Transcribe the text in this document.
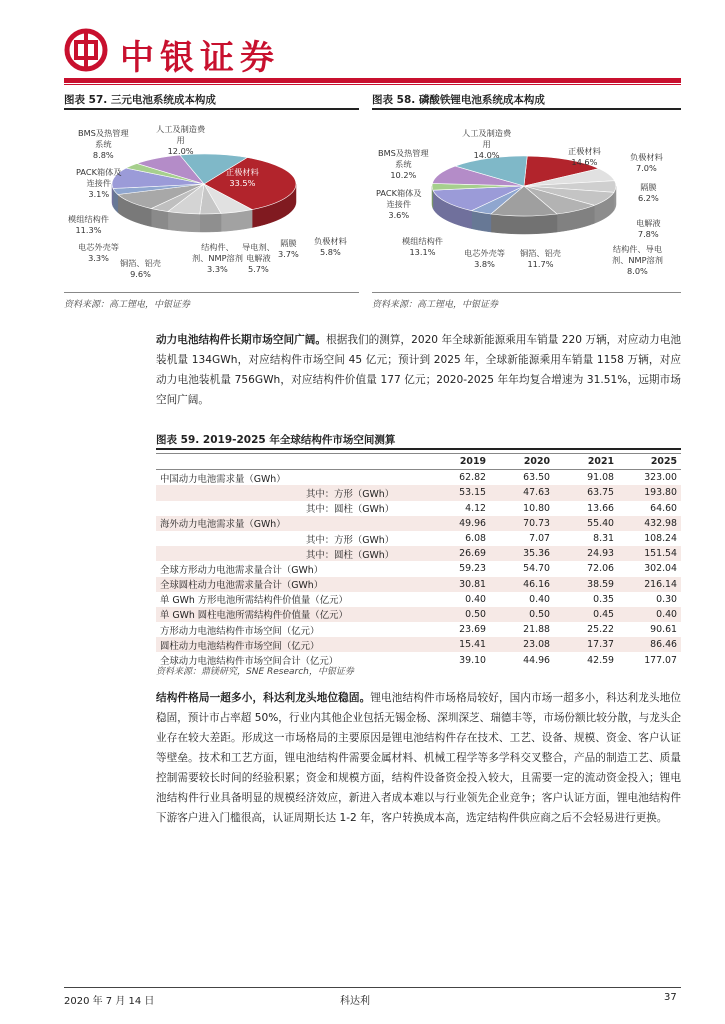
中银证券
图表 57. 三元电池系统成本构成
BMS及热管理
系统
8.8%
人工及制造费
用
12.0%
正极材料
33.5%
PACK箱体及
连接件
3.1%
模组结构件
11.3%
负极材料
5.8%
隔膜
3.7%
导电剂、
电解液
5.7%
结构件、
剂、NMP溶剂
3.3%
电芯外壳等
3.3%	铜箔、铝壳
9.6%
资料来源：高工锂电，中银证券
图表 58. 磷酸铁锂电池系统成本构成
人工及制造费
用
14.0%	正极材料
14.6%	负极材料
7.0%
BMS及热管理
系统
10.2%
隔膜
6.2%
PACK箱体及
连接件
3.6%
电解液
7.8%
模组结构件
13.1%	电芯外壳等
3.8%
铜箔、铝壳
11.7%
结构件、导电
剂、NMP溶剂
8.0%
资料来源：高工锂电，中银证券
动力电池结构件长期市场空间广阔。根据我们的测算，2020 年全球新能源乘用车销量 220 万辆，对应动力电池装机量 134GWh，对应结构件市场空间 45 亿元；预计到 2025 年，全球新能源乘用车销量 1158 万辆，对应动力电池装机量 756GWh，对应结构件价值量 177 亿元；2020-2025 年年均复合增速为 31.51%，远期市场空间广阔。
图表 59. 2019-2025 年全球结构件市场空间测算
	2019	2020	2021	2025
中国动力电池需求量（GWh）	62.82	63.50	91.08	323.00
其中：方形（GWh）	53.15	47.63	63.75	193.80
其中：圆柱（GWh）	4.12	10.80	13.66	64.60
海外动力电池需求量（GWh）	49.96	70.73	55.40	432.98
其中：方形（GWh）	6.08	7.07	8.31	108.24
其中：圆柱（GWh）	26.69	35.36	24.93	151.54
全球方形动力电池需求量合计（GWh）	59.23	54.70	72.06	302.04
全球圆柱动力电池需求量合计（GWh）	30.81	46.16	38.59	216.14
单 GWh 方形电池所需结构件价值量（亿元）	0.40	0.40	0.35	0.30
单 GWh 圆柱电池所需结构件价值量（亿元）	0.50	0.50	0.45	0.40
方形动力电池结构件市场空间（亿元）	23.69	21.88	25.22	90.61
圆柱动力电池结构件市场空间（亿元）	15.41	23.08	17.37	86.46
全球动力电池结构件市场空间合计（亿元）	39.10	44.96	42.59	177.07
资料来源：鼎镁研究，SNE Research，中银证券
结构件格局一超多小，科达利龙头地位稳固。锂电池结构件市场格局较好，国内市场一超多小，科达利龙头地位稳固，预计市占率超 50%，行业内其他企业包括无锡金杨、深圳深芝、瑞德丰等，市场份额比较分散，与龙头企业存在较大差距。形成这一市场格局的主要原因是锂电池结构件存在技术、工艺、设备、规模、资金、客户认证等壁垒。技术和工艺方面，锂电池结构件需要金属材料、机械工程学等多学科交叉整合，产品的制造工艺、质量控制需要较长时间的经验积累；资金和规模方面，结构件设备资金投入较大，且需要一定的流动资金投入；锂电池结构件行业具备明显的规模经济效应，新进入者成本难以与行业领先企业竞争；客户认证方面，锂电池结构件下游客户进入门槛很高，认证周期长达 1-2 年，客户转换成本高，选定结构件供应商之后不会轻易进行更换。
2020 年 7 月 14 日	科达利	37
